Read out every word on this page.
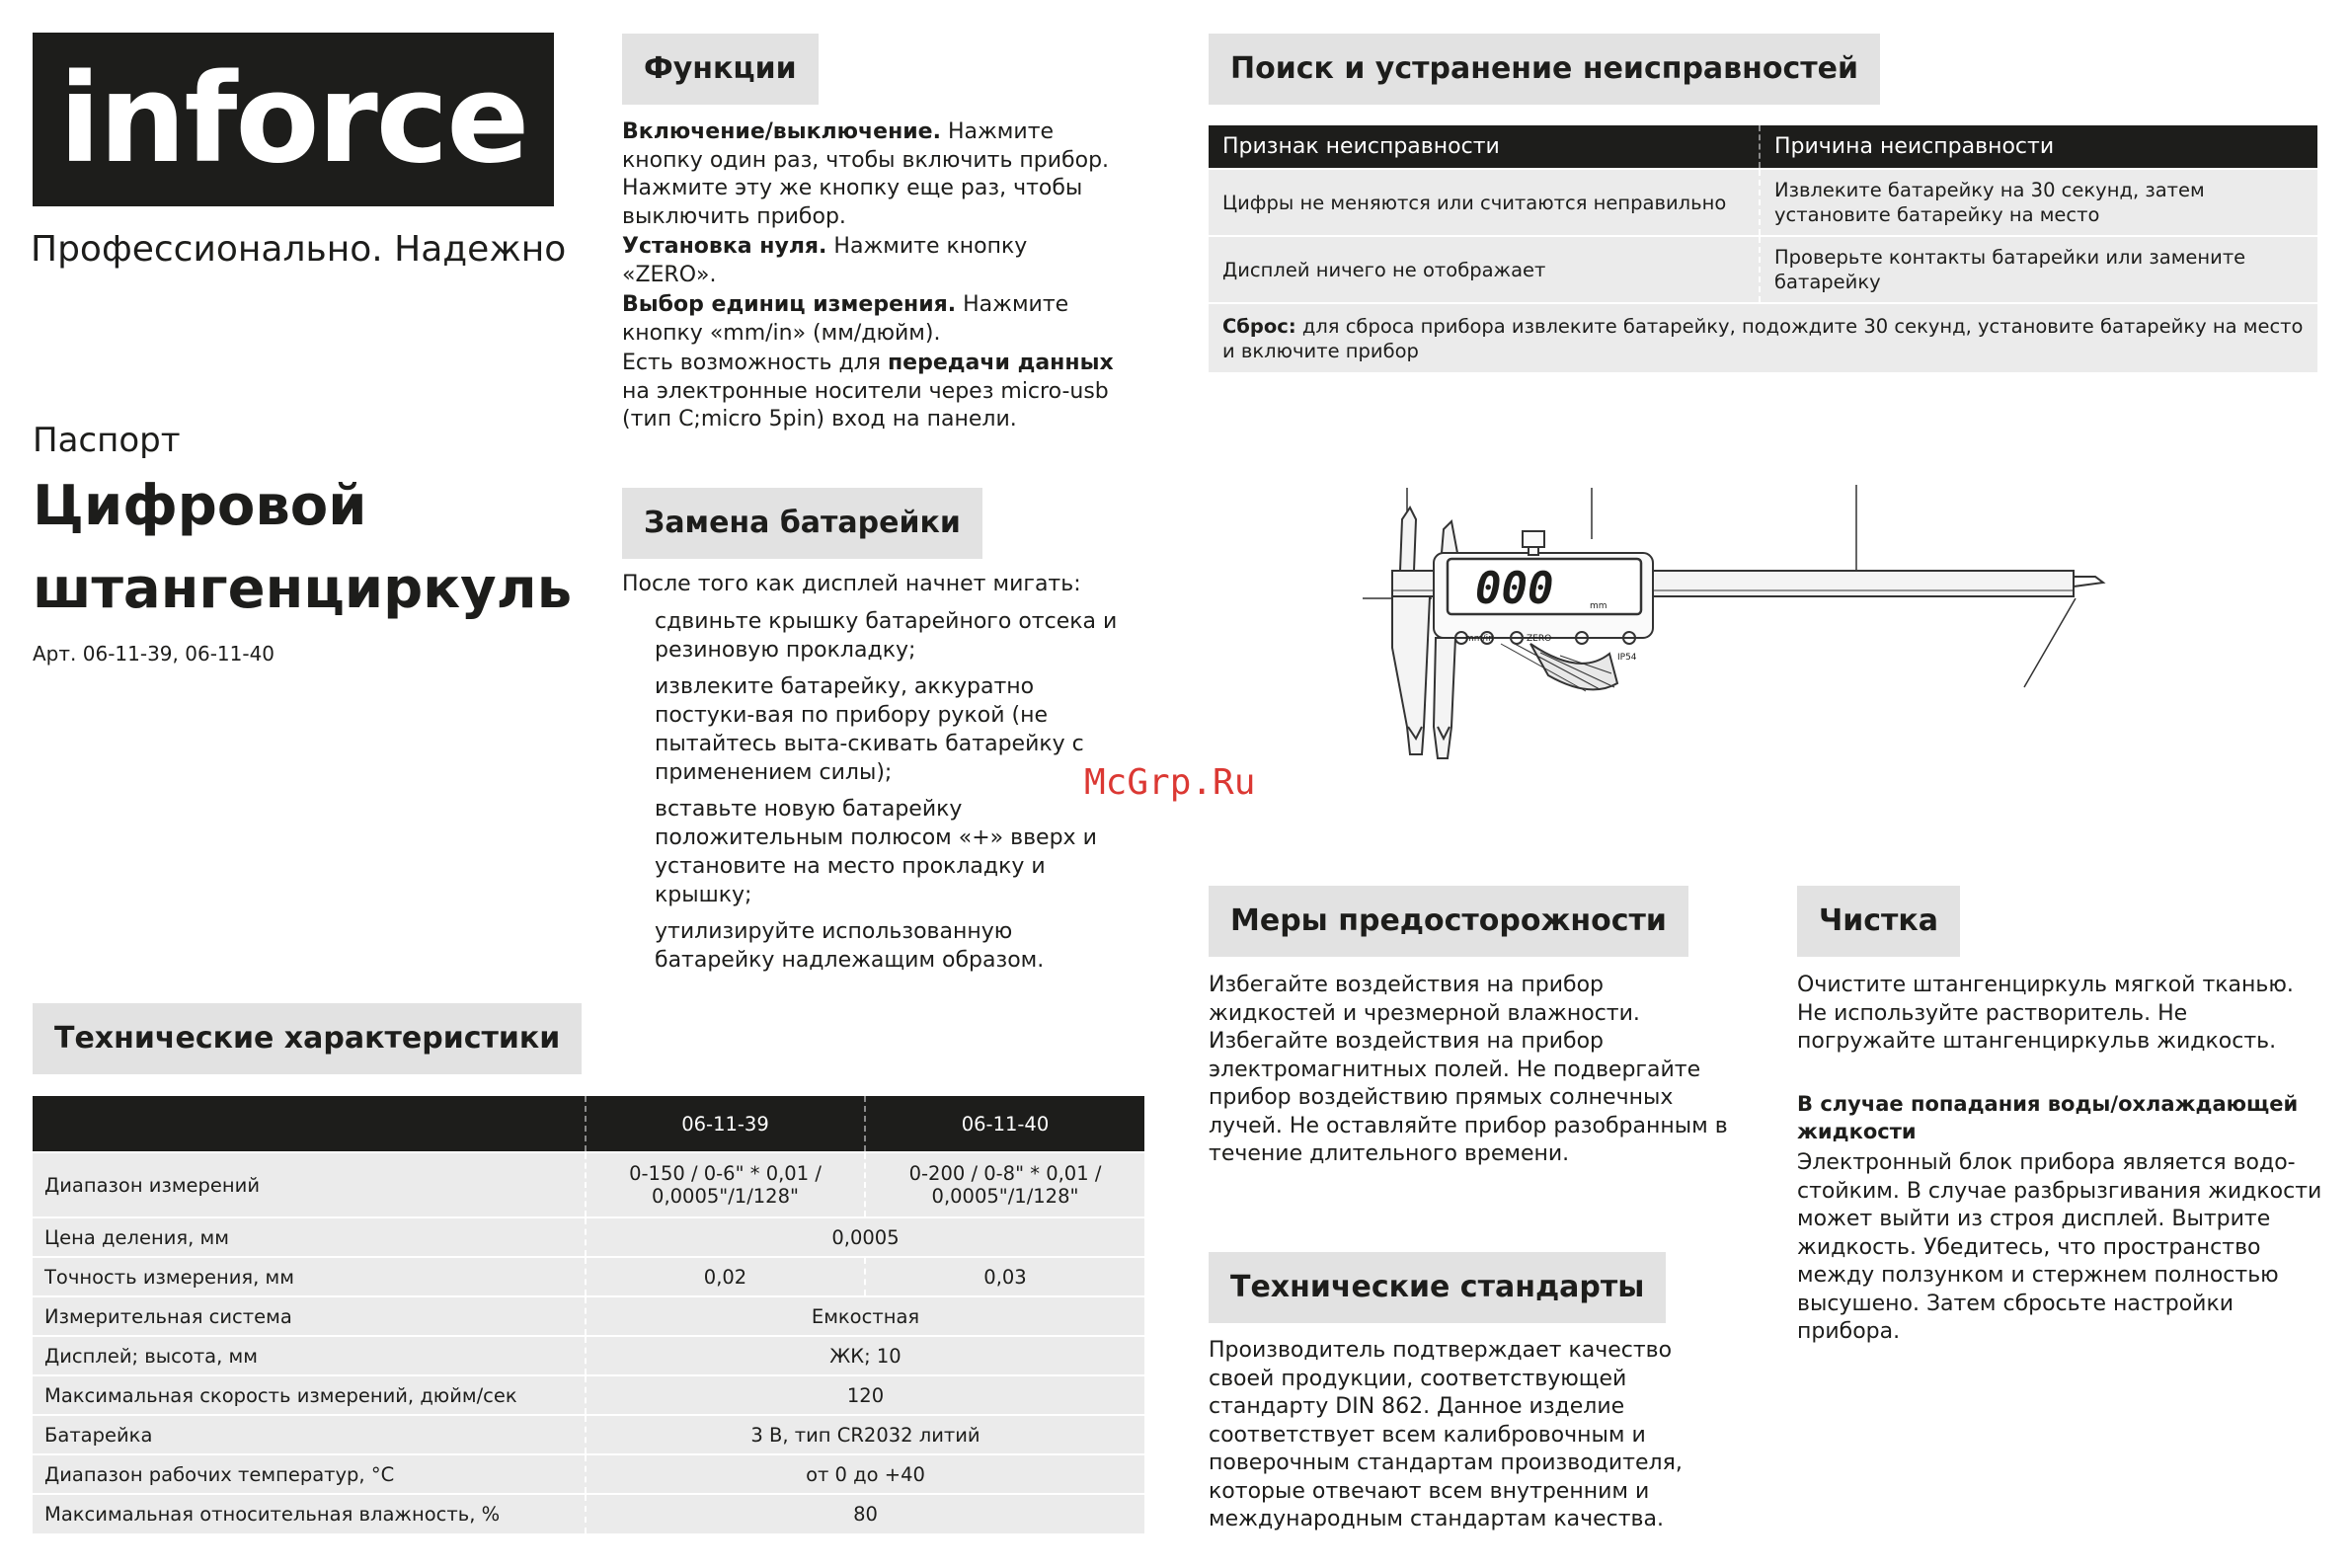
inforce
Профессионально. Надежно
Паспорт
Цифровой
штангенциркуль
Арт. 06-11-39, 06-11-40
Функции
Включение/выключение. Нажмите кнопку один раз, чтобы включить прибор. Нажмите эту же кнопку еще раз, чтобы выключить прибор.
Установка нуля. Нажмите кнопку «ZERO».
Выбор единиц измерения. Нажмите кнопку «mm/in» (мм/дюйм).
Есть возможность для передачи данных на электронные носители через micro-usb (тип C;micro 5pin) вход на панели.
Замена батарейки
После того как дисплей начнет мигать:
сдвиньте крышку батарейного отсека и резиновую прокладку;
извлеките батарейку, аккуратно постуки-вая по прибору рукой (не пытайтесь выта-скивать батарейку с применением силы);
вставьте новую батарейку положительным полюсом «+» вверх и установите на место прокладку и крышку;
утилизируйте использованную батарейку надлежащим образом.
McGrp.Ru
Технические характеристики
	06-11-39	06-11-40
Диапазон измерений	0-150 / 0-6" * 0,01 / 0,0005"/1/128"	0-200 / 0-8" * 0,01 / 0,0005"/1/128"
Цена деления, мм	0,0005	
Точность измерения, мм	0,02	0,03
Измерительная система	Емкостная	
Дисплей; высота, мм	ЖК; 10	
Максимальная скорость измерений, дюйм/сек	120	
Батарейка	3 В, тип CR2032 литий	
Диапазон рабочих температур, °С	от 0 до +40	
Максимальная относительная влажность, %	80	
Поиск и устранение неисправностей
Признак неисправности	Причина неисправности
Цифры не меняются или считаются неправильно	Извлеките батарейку на 30 секунд, затем установите батарейку на место
Дисплей ничего не отображает	Проверьте контакты батарейки или замените батарейку
Сброс: для сброса прибора извлеките батарейку, подождите 30 секунд, установите батарейку на место и включите прибор	
000	mm
mm/in	ZERO
IP54
Меры предосторожности
Избегайте воздействия на прибор жидкостей и чрезмерной влажности. Избегайте воздействия на прибор электромагнитных полей. Не подвергайте прибор воздействию прямых солнечных лучей. Не оставляйте прибор разобранным в течение длительного времени.
Технические стандарты
Производитель подтверждает качество своей продукции, соответствующей стандарту DIN 862. Данное изделие соответствует всем калибровочным и поверочным стандартам производителя, которые отвечают всем внутренним и международным стандартам качества.
Чистка
Очистите штангенциркуль мягкой тканью. Не используйте растворитель. Не погружайте штангенциркульв жидкость.
В случае попадания воды/охлаждающей жидкости
Электронный блок прибора является водо-стойким. В случае разбрызгивания жидкости может выйти из строя дисплей. Вытрите жидкость. Убедитесь, что пространство между ползунком и стержнем полностью высушено. Затем сбросьте настройки прибора.
